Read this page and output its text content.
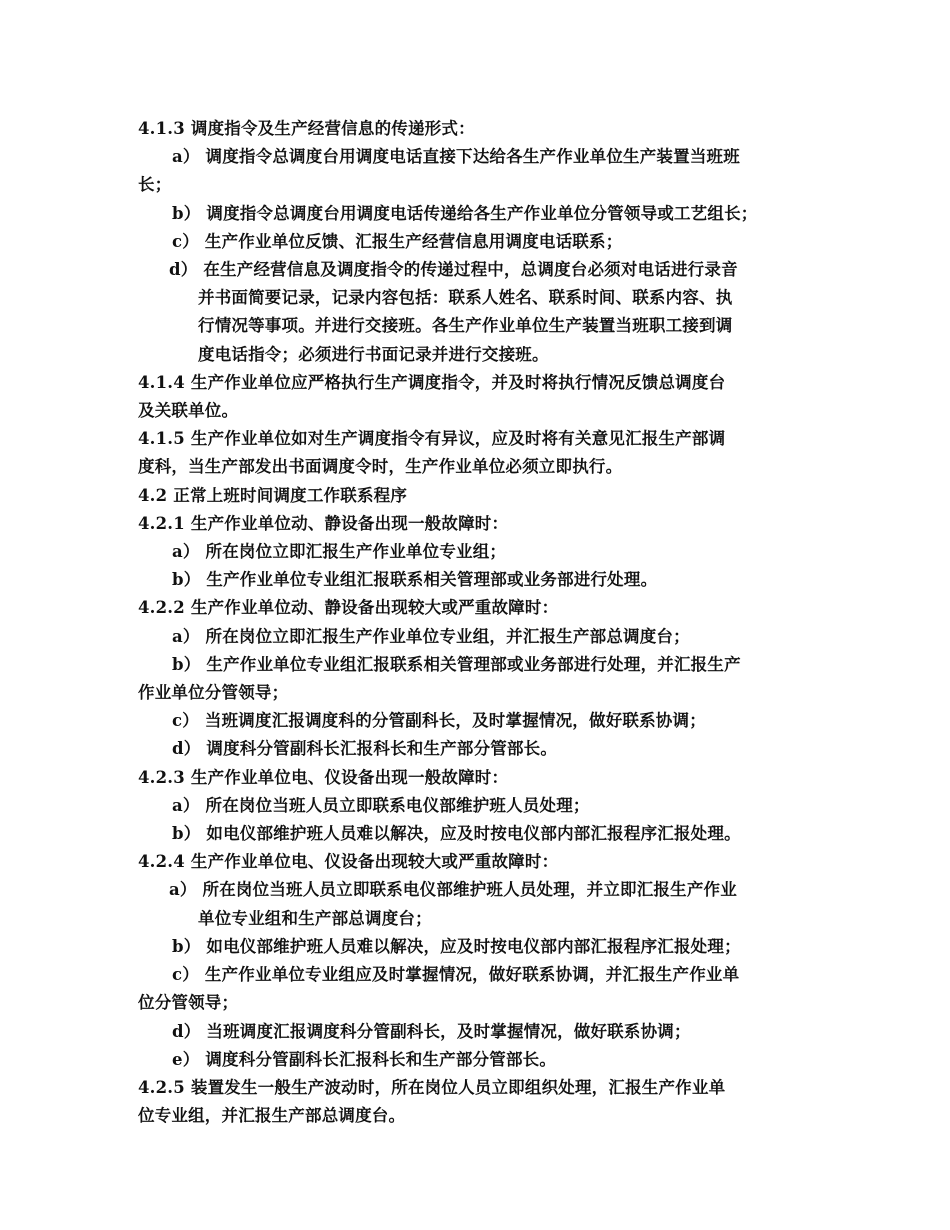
4.1.3 调度指令及生产经营信息的传递形式：
a） 调度指令总调度台用调度电话直接下达给各生产作业单位生产装置当班班
长；
b） 调度指令总调度台用调度电话传递给各生产作业单位分管领导或工艺组长；
c） 生产作业单位反馈、汇报生产经营信息用调度电话联系；
d） 在生产经营信息及调度指令的传递过程中，总调度台必须对电话进行录音
并书面简要记录，记录内容包括：联系人姓名、联系时间、联系内容、执
行情况等事项。并进行交接班。各生产作业单位生产装置当班职工接到调
度电话指令；必须进行书面记录并进行交接班。
4.1.4 生产作业单位应严格执行生产调度指令，并及时将执行情况反馈总调度台
及关联单位。
4.1.5 生产作业单位如对生产调度指令有异议，应及时将有关意见汇报生产部调
度科，当生产部发出书面调度令时，生产作业单位必须立即执行。
4.2 正常上班时间调度工作联系程序
4.2.1 生产作业单位动、静设备出现一般故障时：
a） 所在岗位立即汇报生产作业单位专业组；
b） 生产作业单位专业组汇报联系相关管理部或业务部进行处理。
4.2.2 生产作业单位动、静设备出现较大或严重故障时：
a） 所在岗位立即汇报生产作业单位专业组，并汇报生产部总调度台；
b） 生产作业单位专业组汇报联系相关管理部或业务部进行处理，并汇报生产
作业单位分管领导；
c） 当班调度汇报调度科的分管副科长，及时掌握情况，做好联系协调；
d） 调度科分管副科长汇报科长和生产部分管部长。
4.2.3 生产作业单位电、仪设备出现一般故障时：
a） 所在岗位当班人员立即联系电仪部维护班人员处理；
b） 如电仪部维护班人员难以解决，应及时按电仪部内部汇报程序汇报处理。
4.2.4 生产作业单位电、仪设备出现较大或严重故障时：
a） 所在岗位当班人员立即联系电仪部维护班人员处理，并立即汇报生产作业
单位专业组和生产部总调度台；
b） 如电仪部维护班人员难以解决，应及时按电仪部内部汇报程序汇报处理；
c） 生产作业单位专业组应及时掌握情况，做好联系协调，并汇报生产作业单
位分管领导；
d） 当班调度汇报调度科分管副科长，及时掌握情况，做好联系协调；
e） 调度科分管副科长汇报科长和生产部分管部长。
4.2.5 装置发生一般生产波动时，所在岗位人员立即组织处理，汇报生产作业单
位专业组，并汇报生产部总调度台。
